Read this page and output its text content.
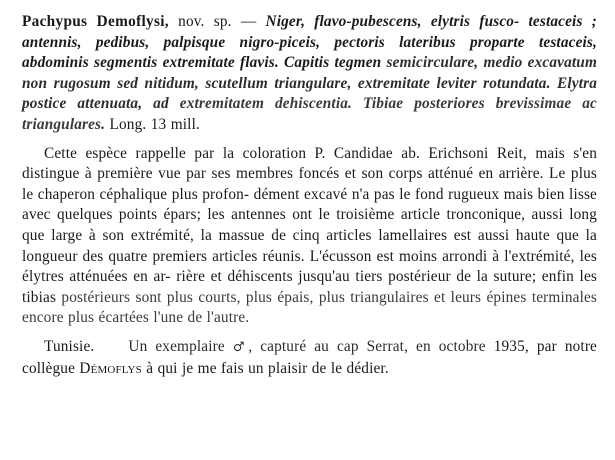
Pachypus Demoflysi, nov. sp. — Niger, flavo-pubescens, elytris fusco- testaceis ; antennis, pedibus, palpisque nigro-piceis, pectoris lateribus proparte testaceis, abdominis segmentis extremitate flavis. Capitis tegmen semicirculare, medio excavatum non rugosum sed nitidum, scutellum triangulare, extremitate leviter rotundata. Elytra postice attenuata, ad extremitatem dehiscentia. Tibiae posteriores brevissimae ac triangulares. Long. 13 mill.

Cette espèce rappelle par la coloration P. Candidae ab. Erichsoni Reit, mais s'en distingue à première vue par ses membres foncés et son corps atténué en arrière. Le plus le chaperon céphalique plus profon- dément excavé n'a pas le fond rugueux mais bien lisse avec quelques points épars; les antennes ont le troisième article tronconique, aussi long que large à son extrémité, la massue de cinq articles lamellaires est aussi haute que la longueur des quatre premiers articles réunis. L'écusson est moins arrondi à l'extrémité, les élytres atténuées en ar- rière et déhiscents jusqu'au tiers postérieur de la suture; enfin les tibias postérieurs sont plus courts, plus épais, plus triangulaires et leurs épines terminales encore plus écartées l'une de l'autre.

Tunisie. Un exemplaire ♂, capturé au cap Serrat, en octobre 1935, par notre collègue Démoflys à qui je me fais un plaisir de le dédier.
